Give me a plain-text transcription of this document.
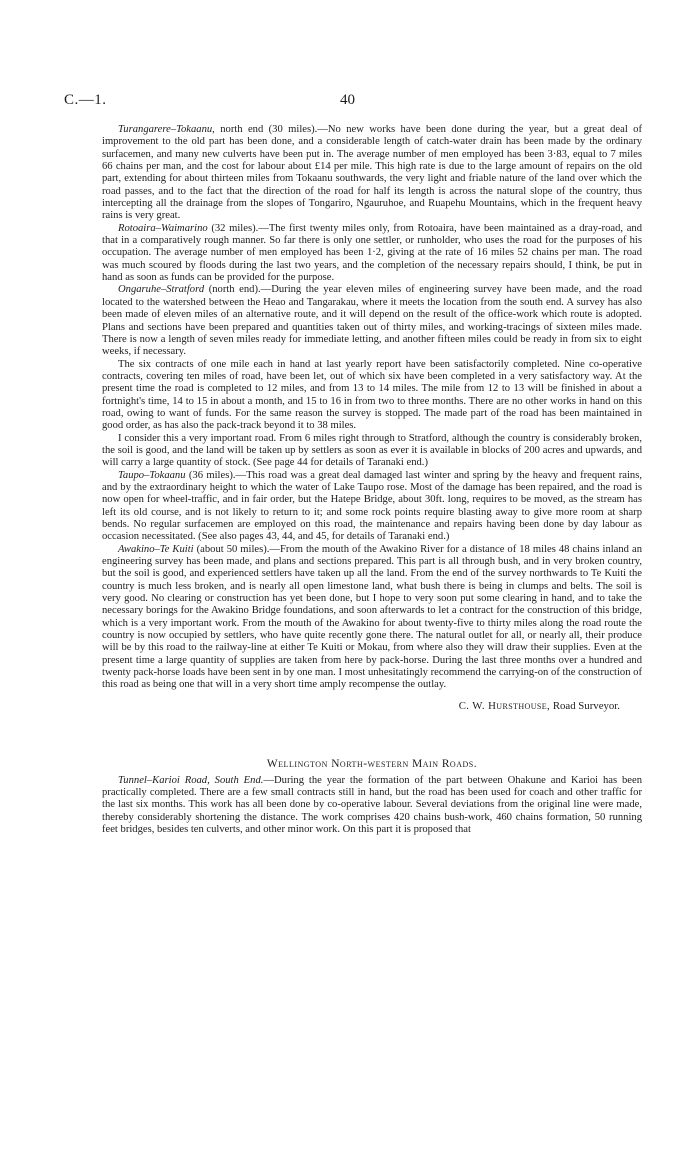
C.—1.	40

Turangarere–Tokaanu, north end (30 miles).—No new works have been done during the year, but a great deal of improvement to the old part has been done, and a considerable length of catch-water drain has been made by the ordinary surfacemen, and many new culverts have been put in. The average number of men employed has been 3·83, equal to 7 miles 66 chains per man, and the cost for labour about £14 per mile. This high rate is due to the large amount of repairs on the old part, extending for about thirteen miles from Tokaanu southwards, the very light and friable nature of the land over which the road passes, and to the fact that the direction of the road for half its length is across the natural slope of the country, thus intercepting all the drainage from the slopes of Tongariro, Ngauruhoe, and Ruapehu Mountains, which in the frequent heavy rains is very great.

Rotoaira–Waimarino (32 miles).—The first twenty miles only, from Rotoaira, have been maintained as a dray-road, and that in a comparatively rough manner. So far there is only one settler, or runholder, who uses the road for the purposes of his occupation. The average number of men employed has been 1·2, giving at the rate of 16 miles 52 chains per man. The road was much scoured by floods during the last two years, and the completion of the necessary repairs should, I think, be put in hand as soon as funds can be provided for the purpose.

Ongaruhe–Stratford (north end).—During the year eleven miles of engineering survey have been made, and the road located to the watershed between the Heao and Tangarakau, where it meets the location from the south end. A survey has also been made of eleven miles of an alternative route, and it will depend on the result of the office-work which route is adopted. Plans and sections have been prepared and quantities taken out of thirty miles, and working-tracings of sixteen miles made. There is now a length of seven miles ready for immediate letting, and another fifteen miles could be ready in from six to eight weeks, if necessary.

The six contracts of one mile each in hand at last yearly report have been satisfactorily completed. Nine co-operative contracts, covering ten miles of road, have been let, out of which six have been completed in a very satisfactory way. At the present time the road is completed to 12 miles, and from 13 to 14 miles. The mile from 12 to 13 will be finished in about a fortnight's time, 14 to 15 in about a month, and 15 to 16 in from two to three months. There are no other works in hand on this road, owing to want of funds. For the same reason the survey is stopped. The made part of the road has been maintained in good order, as has also the pack-track beyond it to 38 miles.

I consider this a very important road. From 6 miles right through to Stratford, although the country is considerably broken, the soil is good, and the land will be taken up by settlers as soon as ever it is available in blocks of 200 acres and upwards, and will carry a large quantity of stock. (See page 44 for details of Taranaki end.)

Taupo–Tokaanu (36 miles).—This road was a great deal damaged last winter and spring by the heavy and frequent rains, and by the extraordinary height to which the water of Lake Taupo rose. Most of the damage has been repaired, and the road is now open for wheel-traffic, and in fair order, but the Hatepe Bridge, about 30ft. long, requires to be moved, as the stream has left its old course, and is not likely to return to it; and some rock points require blasting away to give more room at sharp bends. No regular surfacemen are employed on this road, the maintenance and repairs having been done by day labour as occasion necessitated. (See also pages 43, 44, and 45, for details of Taranaki end.)

Awakino–Te Kuiti (about 50 miles).—From the mouth of the Awakino River for a distance of 18 miles 48 chains inland an engineering survey has been made, and plans and sections prepared. This part is all through bush, and in very broken country, but the soil is good, and experienced settlers have taken up all the land. From the end of the survey northwards to Te Kuiti the country is much less broken, and is nearly all open limestone land, what bush there is being in clumps and belts. The soil is very good. No clearing or construction has yet been done, but I hope to very soon put some clearing in hand, and to take the necessary borings for the Awakino Bridge foundations, and soon afterwards to let a contract for the construction of this bridge, which is a very important work. From the mouth of the Awakino for about twenty-five to thirty miles along the road route the country is now occupied by settlers, who have quite recently gone there. The natural outlet for all, or nearly all, their produce will be by this road to the railway-line at either Te Kuiti or Mokau, from where also they will draw their supplies. Even at the present time a large quantity of supplies are taken from here by pack-horse. During the last three months over a hundred and twenty pack-horse loads have been sent in by one man. I most unhesitatingly recommend the carrying-on of the construction of this road as being one that will in a very short time amply recompense the outlay.

C. W. Hursthouse, Road Surveyor.
Wellington North-western Main Roads.

Tunnel–Karioi Road, South End.—During the year the formation of the part between Ohakune and Karioi has been practically completed. There are a few small contracts still in hand, but the road has been used for coach and other traffic for the last six months. This work has all been done by co-operative labour. Several deviations from the original line were made, thereby considerably shortening the distance. The work comprises 420 chains bush-work, 460 chains formation, 50 running feet bridges, besides ten culverts, and other minor work. On this part it is proposed that
